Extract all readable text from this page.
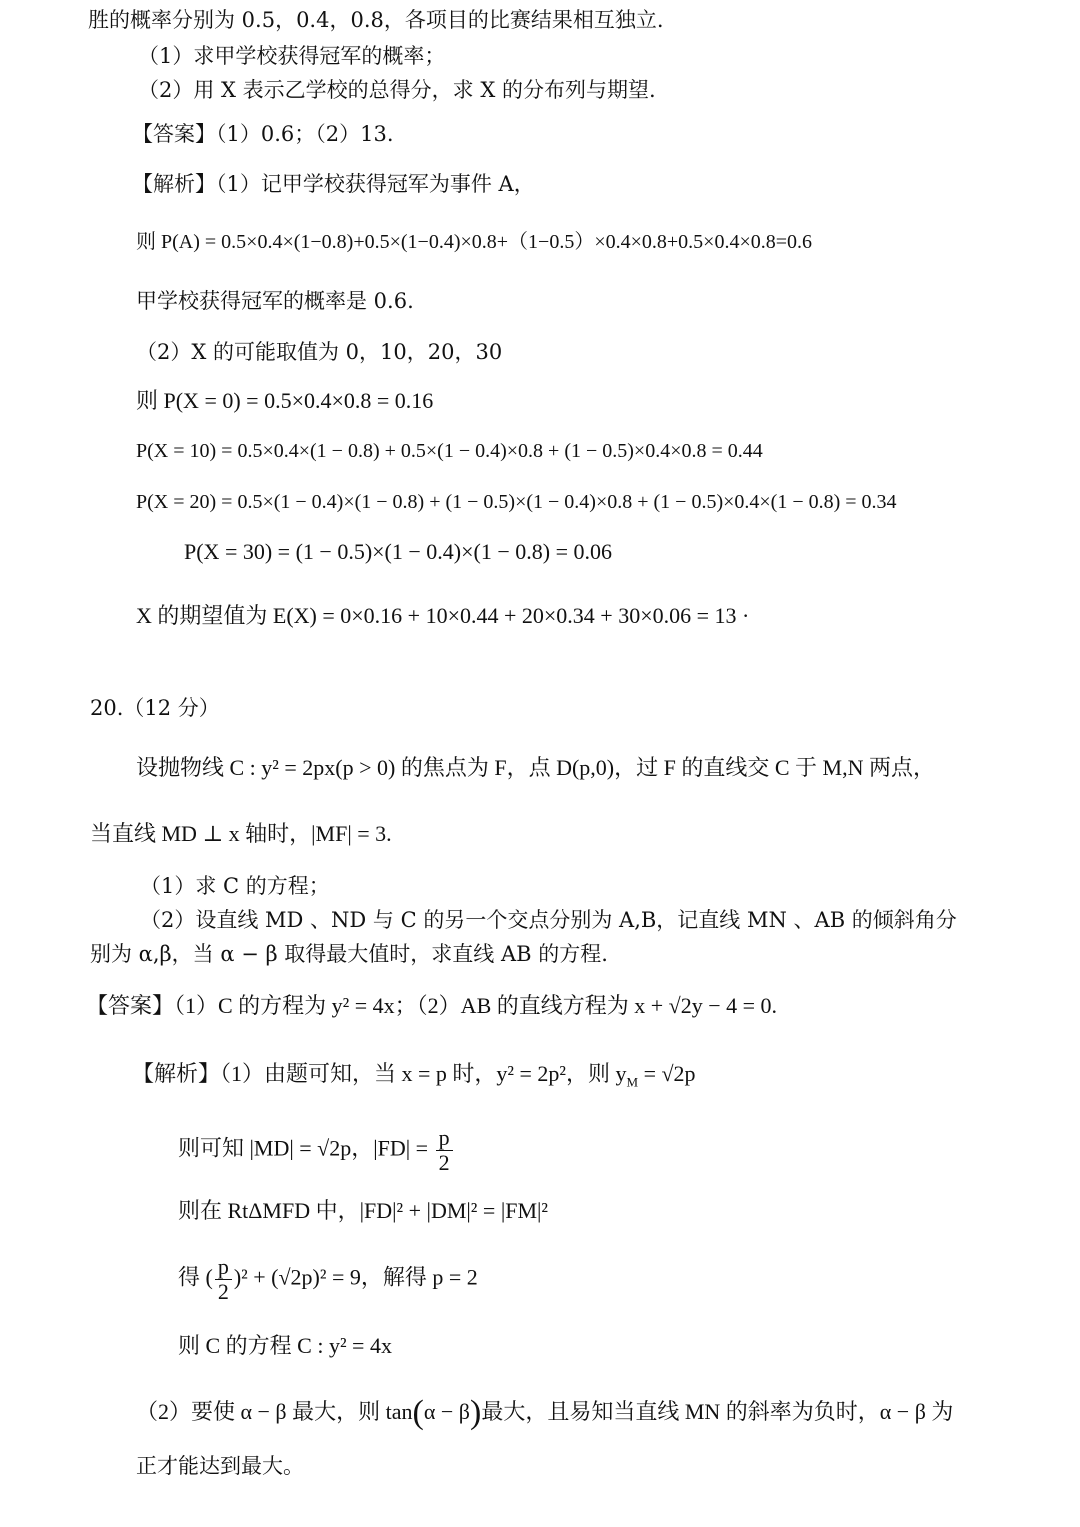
胜的概率分别为 0.5，0.4，0.8，各项目的比赛结果相互独立.
（1）求甲学校获得冠军的概率；
（2）用 X 表示乙学校的总得分，求 X 的分布列与期望.
【答案】（1）0.6；（2）13.
【解析】（1）记甲学校获得冠军为事件 A，
则 P(A) = 0.5×0.4×(1−0.8)+0.5×(1−0.4)×0.8+（1−0.5）×0.4×0.8+0.5×0.4×0.8=0.6
甲学校获得冠军的概率是 0.6.
（2）X 的可能取值为 0，10，20，30
则 P(X = 0) = 0.5×0.4×0.8 = 0.16
P(X = 10) = 0.5×0.4×(1 − 0.8) + 0.5×(1 − 0.4)×0.8 + (1 − 0.5)×0.4×0.8 = 0.44
P(X = 20) = 0.5×(1 − 0.4)×(1 − 0.8) + (1 − 0.5)×(1 − 0.4)×0.8 + (1 − 0.5)×0.4×(1 − 0.8) = 0.34
P(X = 30) = (1 − 0.5)×(1 − 0.4)×(1 − 0.8) = 0.06
X 的期望值为 E(X) = 0×0.16 + 10×0.44 + 20×0.34 + 30×0.06 = 13 ·
20.（12 分）
设抛物线 C : y² = 2px(p > 0) 的焦点为 F，点 D(p,0)，过 F 的直线交 C 于 M,N 两点，
当直线 MD ⊥ x 轴时，|MF| = 3.
（1）求 C 的方程；
（2）设直线 MD 、ND 与 C 的另一个交点分别为 A,B，记直线 MN 、AB 的倾斜角分
别为 α,β，当 α − β 取得最大值时，求直线 AB 的方程.
【答案】（1）C 的方程为 y² = 4x；（2）AB 的直线方程为 x + √2y − 4 = 0.
【解析】（1）由题可知，当 x = p 时，y² = 2p²，则 $y_M = √2p$
则可知 |MD| = √2p，$|FD| = \frac{p}{2}$
则在 RtΔMFD 中，|FD|² + |DM|² = |FM|²
得 ( $\frac{p}{2} )^2 + (√2p)^2 = 9$，解得 p = 2
则 C 的方程 C : y² = 4x
（2）要使 α − β 最大，则 tan(α − β)最大，且易知当直线 MN 的斜率为负时，α − β 为
正才能达到最大。
